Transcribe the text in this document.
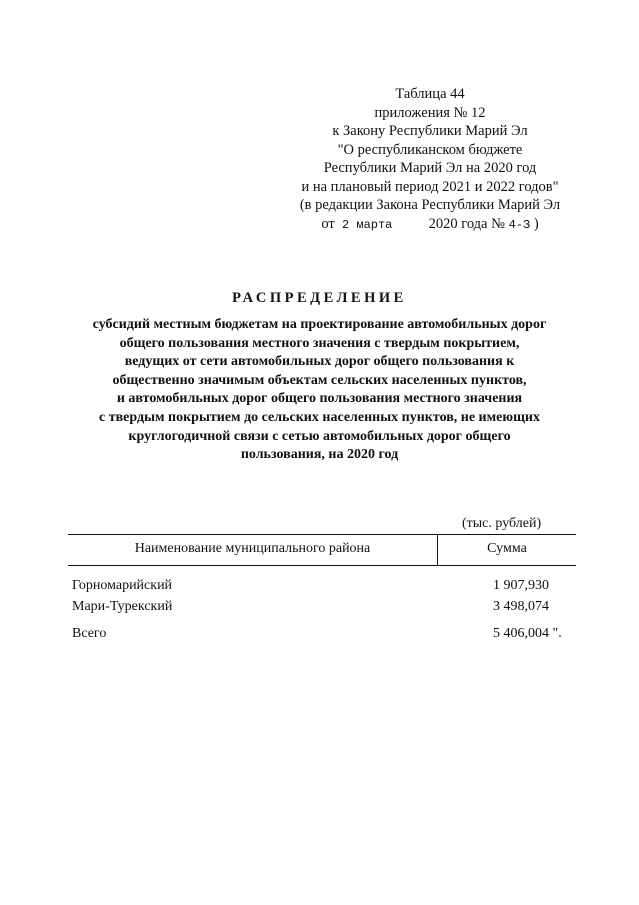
Таблица 44
приложения № 12
к Закону Республики Марий Эл
"О республиканском бюджете
Республики Марий Эл на 2020 год
и на плановый период 2021 и 2022 годов"
(в редакции Закона Республики Марий Эл
от 2 марта	2020 года № 4-З )
РАСПРЕДЕЛЕНИЕ
субсидий местным бюджетам на проектирование автомобильных дорог
общего пользования местного значения с твердым покрытием,
ведущих от сети автомобильных дорог общего пользования к
общественно значимым объектам сельских населенных пунктов,
и автомобильных дорог общего пользования местного значения
с твердым покрытием до сельских населенных пунктов, не имеющих
круглогодичной связи с сетью автомобильных дорог общего
пользования, на 2020 год
(тыс. рублей)
Наименование муниципального района	Сумма
Горномарийский	1 907,930
Мари-Турекский	3 498,074
Всего	5 406,004 ".
